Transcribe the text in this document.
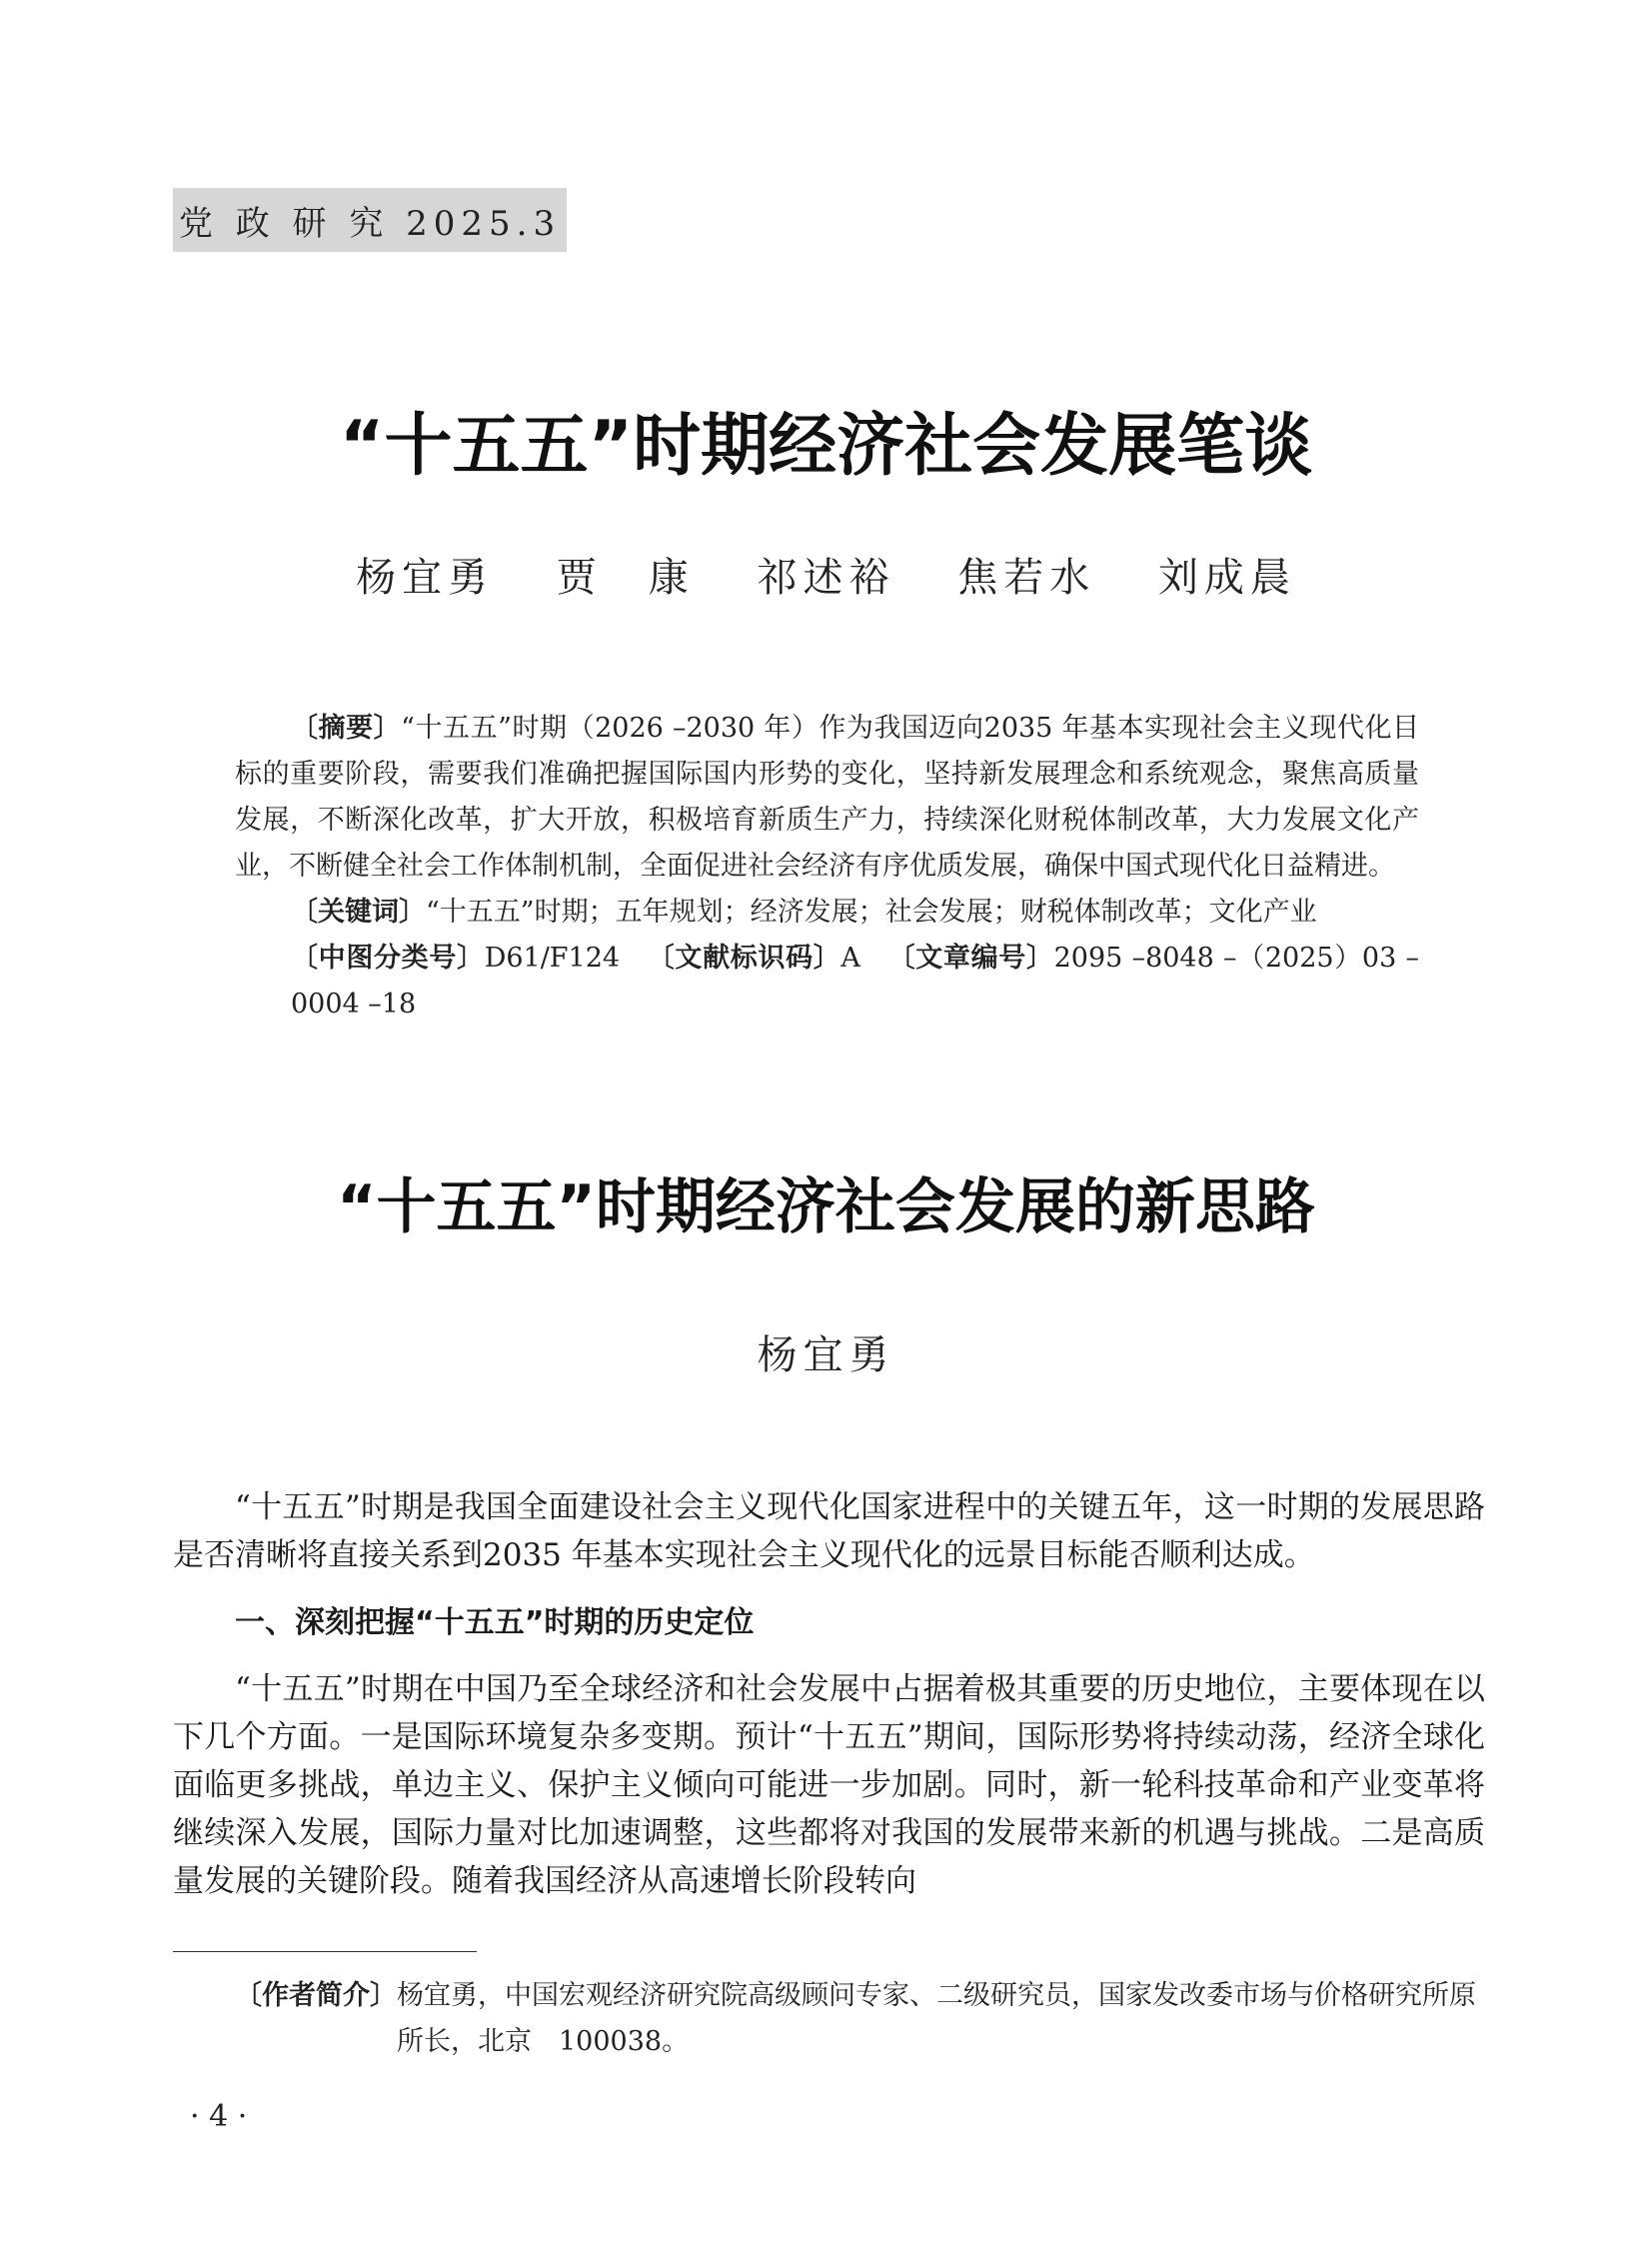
党 政 研 究 2025.3
“十五五”时期经济社会发展笔谈
杨宜勇 贾　康 祁述裕 焦若水 刘成晨

〔摘要〕“十五五”时期（2026 –2030 年）作为我国迈向2035 年基本实现社会主义现代化目标的重要阶段，需要我们准确把握国际国内形势的变化，坚持新发展理念和系统观念，聚焦高质量发展，不断深化改革，扩大开放，积极培育新质生产力，持续深化财税体制改革，大力发展文化产业，不断健全社会工作体制机制，全面促进社会经济有序优质发展，确保中国式现代化日益精进。

〔关键词〕“十五五”时期；五年规划；经济发展；社会发展；财税体制改革；文化产业

〔中图分类号〕D61/F124  〔文献标识码〕A  〔文章编号〕2095 –8048 –（2025）03 –0004 –18

“十五五”时期经济社会发展的新思路
杨宜勇

“十五五”时期是我国全面建设社会主义现代化国家进程中的关键五年，这一时期的发展思路是否清晰将直接关系到2035 年基本实现社会主义现代化的远景目标能否顺利达成。

一、深刻把握“十五五”时期的历史定位

“十五五”时期在中国乃至全球经济和社会发展中占据着极其重要的历史地位，主要体现在以下几个方面。一是国际环境复杂多变期。预计“十五五”期间，国际形势将持续动荡，经济全球化面临更多挑战，单边主义、保护主义倾向可能进一步加剧。同时，新一轮科技革命和产业变革将继续深入发展，国际力量对比加速调整，这些都将对我国的发展带来新的机遇与挑战。二是高质量发展的关键阶段。随着我国经济从高速增长阶段转向

〔作者简介〕 杨宜勇，中国宏观经济研究院高级顾问专家、二级研究员，国家发改委市场与价格研究所原所长，北京　100038。
· 4 ·
